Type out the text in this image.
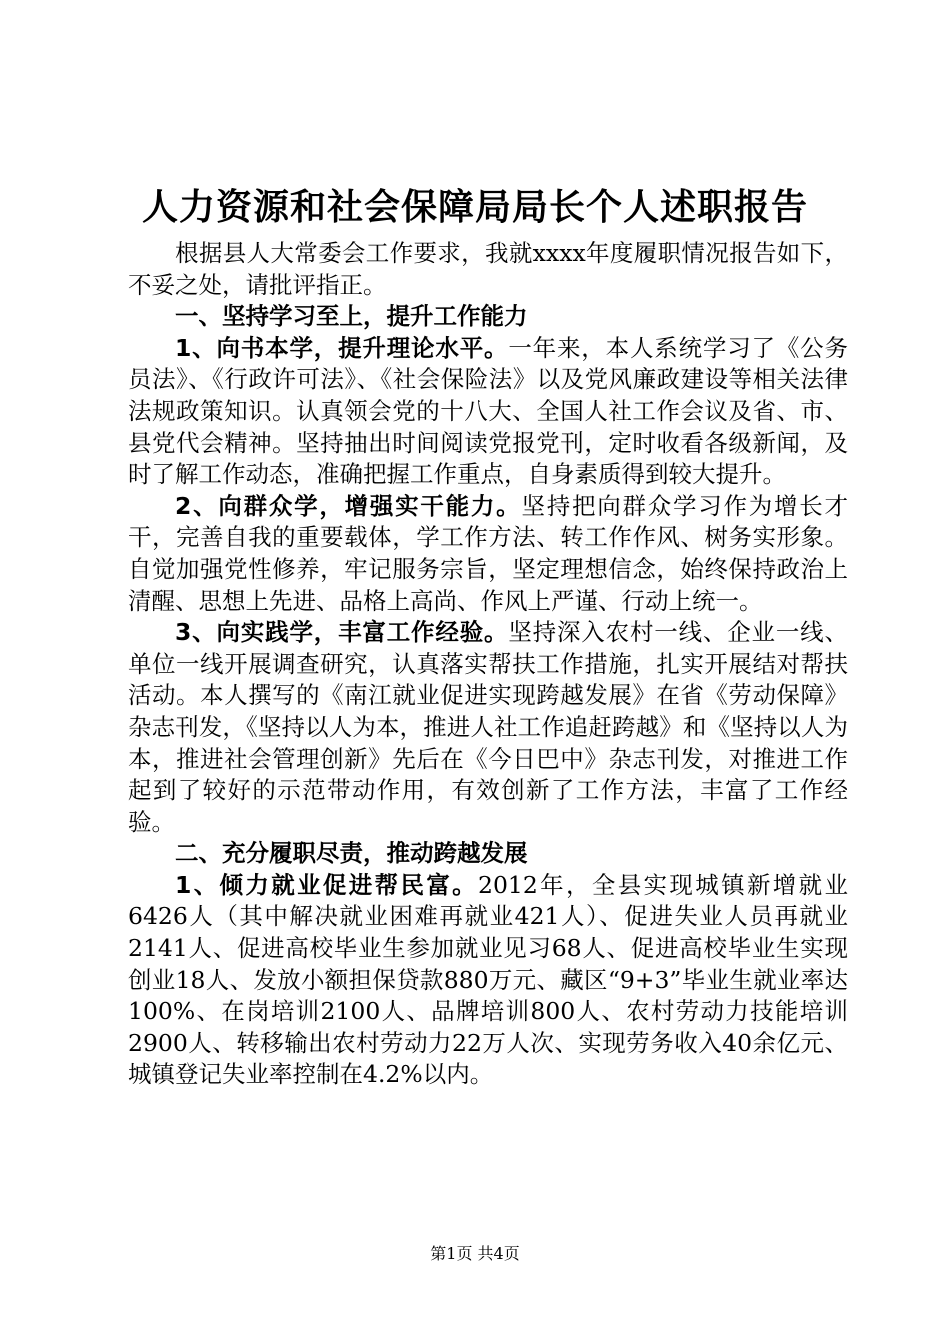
人力资源和社会保障局局长个人述职报告

根据县人大常委会工作要求，我就xxxx年度履职情况报告如下，不妥之处，请批评指正。

一、坚持学习至上，提升工作能力

1、向书本学，提升理论水平。一年来，本人系统学习了《公务员法》、《行政许可法》、《社会保险法》以及党风廉政建设等相关法律法规政策知识。认真领会党的十八大、全国人社工作会议及省、市、县党代会精神。坚持抽出时间阅读党报党刊，定时收看各级新闻，及时了解工作动态，准确把握工作重点，自身素质得到较大提升。

2、向群众学，增强实干能力。坚持把向群众学习作为增长才干，完善自我的重要载体，学工作方法、转工作作风、树务实形象。自觉加强党性修养，牢记服务宗旨，坚定理想信念，始终保持政治上清醒、思想上先进、品格上高尚、作风上严谨、行动上统一。

3、向实践学，丰富工作经验。坚持深入农村一线、企业一线、单位一线开展调查研究，认真落实帮扶工作措施，扎实开展结对帮扶活动。本人撰写的《南江就业促进实现跨越发展》在省《劳动保障》杂志刊发，《坚持以人为本，推进人社工作追赶跨越》和《坚持以人为本，推进社会管理创新》先后在《今日巴中》杂志刊发，对推进工作起到了较好的示范带动作用，有效创新了工作方法，丰富了工作经验。

二、充分履职尽责，推动跨越发展

1、倾力就业促进帮民富。2012年，全县实现城镇新增就业6426人（其中解决就业困难再就业421人）、促进失业人员再就业2141人、促进高校毕业生参加就业见习68人、促进高校毕业生实现创业18人、发放小额担保贷款880万元、藏区“9+3”毕业生就业率达100%、在岗培训2100人、品牌培训800人、农村劳动力技能培训2900人、转移输出农村劳动力22万人次、实现劳务收入40余亿元、城镇登记失业率控制在4.2%以内。

第1页 共4页
